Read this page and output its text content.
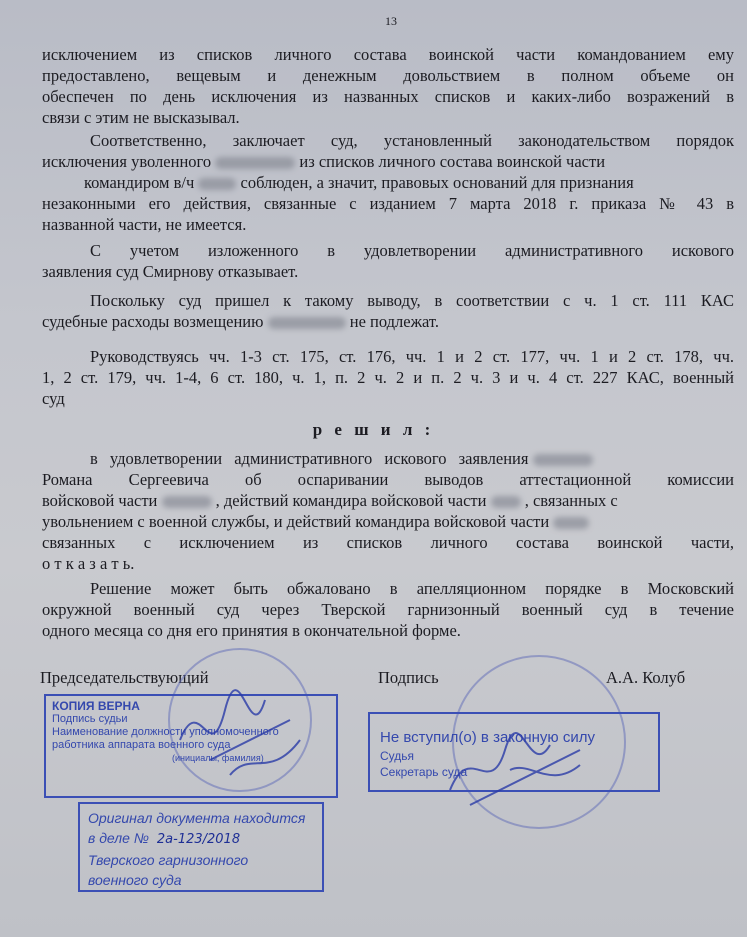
13
исключением из списков личного состава воинской части командованием ему
предоставлено, вещевым и денежным довольствием в полном объеме он
обеспечен по день исключения из названных списков и каких-либо возражений в
связи с этим не высказывал.
Соответственно, заключает суд, установленный законодательством порядок
исключения уволенного	из списков личного состава воинской части
командиром в/ч	соблюден, а значит, правовых оснований для признания
незаконными его действия, связанные с изданием 7 марта 2018 г. приказа № 43 в
названной части, не имеется.
С учетом изложенного в удовлетворении административного искового
заявления суд Смирнову отказывает.
Поскольку суд пришел к такому выводу, в соответствии с ч. 1 ст. 111 КАС
судебные расходы возмещению	не подлежат.
Руководствуясь чч. 1-3 ст. 175, ст. 176, чч. 1 и 2 ст. 177, чч. 1 и 2 ст. 178, чч.
1, 2 ст. 179, чч. 1-4, 6 ст. 180, ч. 1, п. 2 ч. 2 и п. 2 ч. 3 и ч. 4 ст. 227 КАС, военный
суд
р е ш и л :
в удовлетворении административного искового заявления
Романа Сергеевича об оспаривании выводов аттестационной комиссии
войсковой части	, действий командира войсковой части , связанных с
увольнением с военной службы, и действий командира войсковой части
связанных с исключением из списков личного состава воинской части,
о т к а з а т ь.
Решение может быть обжаловано в апелляционном порядке в Московский
окружной военный суд через Тверской гарнизонный военный суд в течение
одного месяца со дня его принятия в окончательной форме.
Председательствующий	Подпись	А.А. Колуб
КОПИЯ ВЕРНА
Подпись судьи
Наименование должности уполномоченного
работника аппарата военного суда
(инициалы, фамилия)
Оригинал документа находится
в деле № 2а-123/2018
Тверского гарнизонного
военного суда
Не вступил(о) в законную силу
Судья
Секретарь суда
